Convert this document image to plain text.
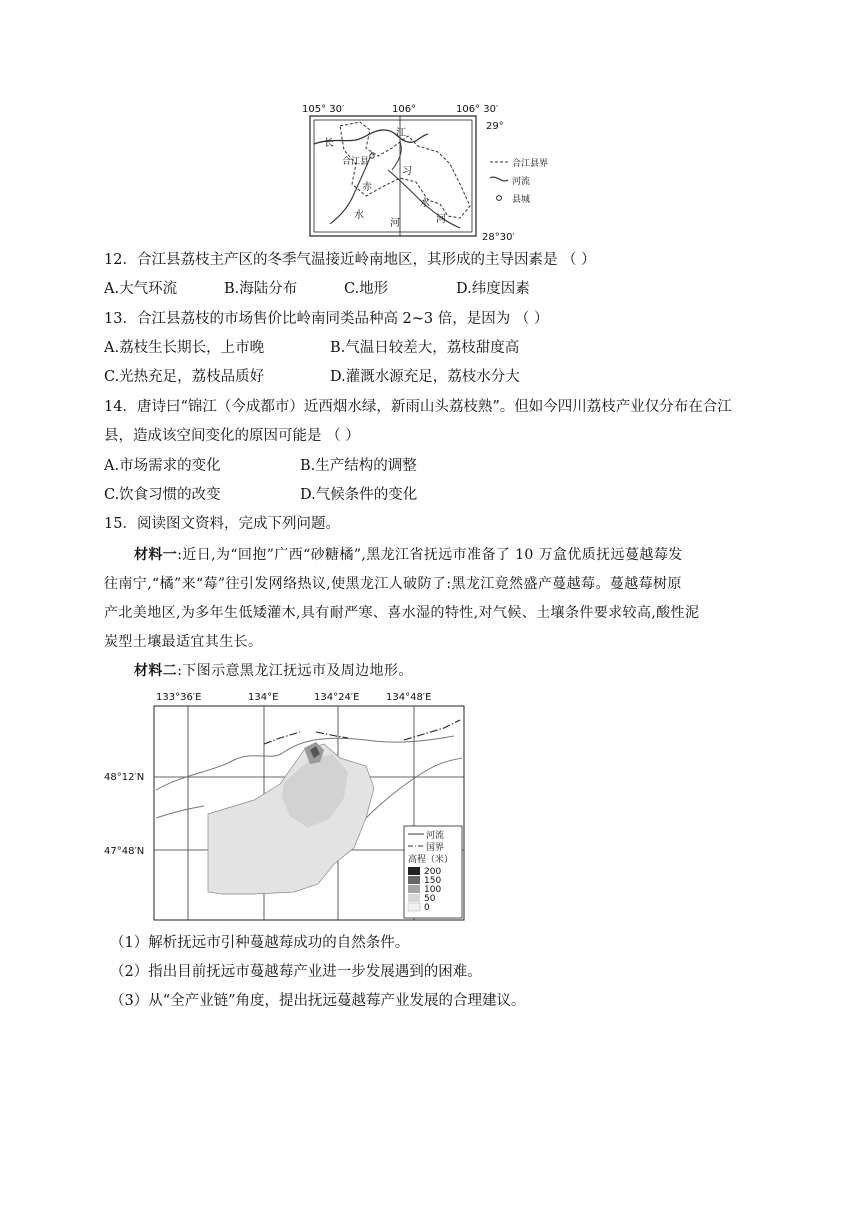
长
江
合江县
习
赤
水
河
水
河
105° 30′	106°	106° 30′
29°
28°30′
合江县界
河流
县城
12．合江县荔枝主产区的冬季气温接近岭南地区，其形成的主导因素是 （ ）
A.大气环流	B.海陆分布	C.地形	D.纬度因素
13．合江县荔枝的市场售价比岭南同类品种高 2~3 倍，是因为 （ ）
A.荔枝生长期长，上市晚	B.气温日较差大，荔枝甜度高
C.光热充足，荔枝品质好	D.灌溉水源充足，荔枝水分大
14．唐诗曰“锦江（今成都市）近西烟水绿，新雨山头荔枝熟”。但如今四川荔枝产业仅分布在合江
县，造成该空间变化的原因可能是 （ ）
A.市场需求的变化	B.生产结构的调整
C.饮食习惯的改变	D.气候条件的变化
15．阅读图文资料，完成下列问题。
材料一:近日,为“回抱”广西“砂糖橘”,黑龙江省抚远市准备了 10 万盒优质抚远蔓越莓发
往南宁,“橘”来“莓”往引发网络热议,使黑龙江人破防了:黑龙江竟然盛产蔓越莓。蔓越莓树原
产北美地区,为多年生低矮灌木,具有耐严寒、喜水湿的特性,对气候、土壤条件要求较高,酸性泥
炭型土壤最适宜其生长。
材料二:下图示意黑龙江抚远市及周边地形。
133°36′E	134°E	134°24′E	134°48′E
48°12′N
47°48′N
河流
国界
高程（米）
200
150
100
50
0
（1）解析抚远市引种蔓越莓成功的自然条件。
（2）指出目前抚远市蔓越莓产业进一步发展遇到的困难。
（3）从“全产业链”角度，提出抚远蔓越莓产业发展的合理建议。
